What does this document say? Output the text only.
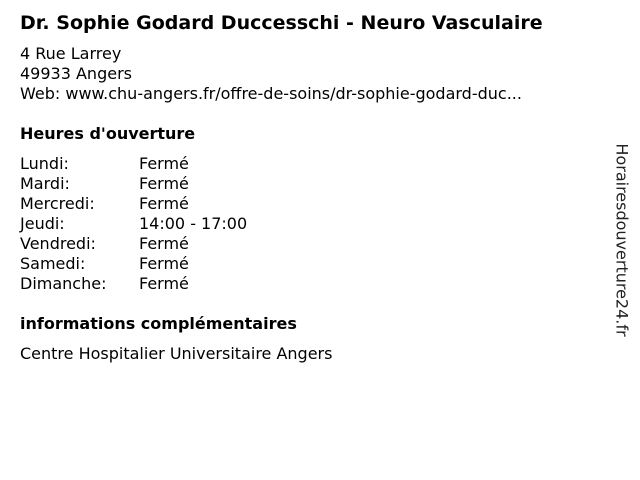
Dr. Sophie Godard Duccesschi - Neuro Vasculaire
4 Rue Larrey
49933 Angers
Web: www.chu-angers.fr/offre-de-soins/dr-sophie-godard-duc...
Heures d'ouverture
Lundi:	Fermé
Mardi:	Fermé
Mercredi:	Fermé
Jeudi:	14:00 - 17:00
Vendredi:	Fermé
Samedi:	Fermé
Dimanche:	Fermé
informations complémentaires
Centre Hospitalier Universitaire Angers
Horairesdouverture24.fr
